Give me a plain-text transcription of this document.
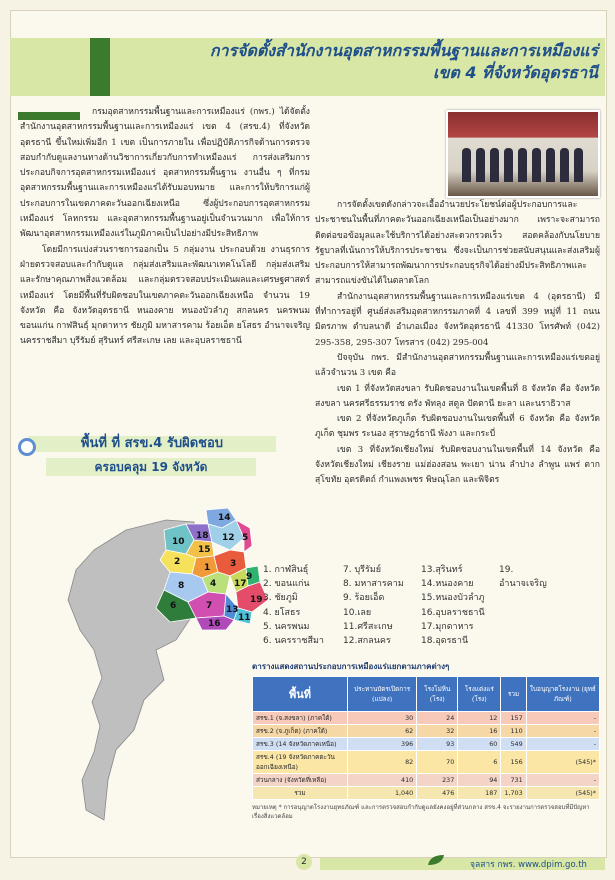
การจัดตั้งสำนักงานอุตสาหกรรมพื้นฐานและการเหมืองแร่
เขต 4 ที่จังหวัดอุดรธานี

กรมอุตสาหกรรมพื้นฐานและการเหมืองแร่ (กพร.) ได้จัดตั้งสำนักงานอุตสาหกรรมพื้นฐานและการเหมืองแร่ เขต 4 (สรข.4) ที่จังหวัดอุดรธานี ขึ้นใหม่เพิ่มอีก 1 เขต เป็นการภายใน เพื่อปฏิบัติภารกิจด้านการตรวจสอบกำกับดูแลงานทางด้านวิชาการเกี่ยวกับการทำเหมืองแร่ การส่งเสริมการประกอบกิจการอุตสาหกรรมเหมืองแร่ อุตสาหกรรมพื้นฐาน งานอื่น ๆ ที่กรมอุตสาหกรรมพื้นฐานและการเหมืองแร่ได้รับมอบหมาย และการให้บริการแก่ผู้ประกอบการในเขตภาคตะวันออกเฉียงเหนือ ซึ่งผู้ประกอบการอุตสาหกรรมเหมืองแร่ โลหกรรม และอุตสาหกรรมพื้นฐานอยู่เป็นจำนวนมาก เพื่อให้การพัฒนาอุตสาหกรรมเหมืองแร่ในภูมิภาคเป็นไปอย่างมีประสิทธิภาพ

โดยมีการแบ่งส่วนราชการออกเป็น 5 กลุ่มงาน ประกอบด้วย งานธุรการ ฝ่ายตรวจสอบและกำกับดูแล กลุ่มส่งเสริมและพัฒนาเทคโนโลยี กลุ่มส่งเสริมและรักษาคุณภาพสิ่งแวดล้อม และกลุ่มตรวจสอบประเมินผลและเศรษฐศาสตร์เหมืองแร่ โดยมีพื้นที่รับผิดชอบในเขตภาคตะวันออกเฉียงเหนือ จำนวน 19 จังหวัด คือ จังหวัดอุดรธานี หนองคาย หนองบัวลำภู สกลนคร นครพนม ขอนแก่น กาฬสินธุ์ มุกดาหาร ชัยภูมิ มหาสารคาม ร้อยเอ็ด ยโสธร อำนาจเจริญ นครราชสีมา บุรีรัมย์ สุรินทร์ ศรีสะเกษ เลย และอุบลราชธานี

การจัดตั้งเขตดังกล่าวจะเอื้ออำนวยประโยชน์ต่อผู้ประกอบการและประชาชนในพื้นที่ภาคตะวันออกเฉียงเหนือเป็นอย่างมาก เพราะจะสามารถติดต่อขอข้อมูลและใช้บริการได้อย่างสะดวกรวดเร็ว สอดคล้องกับนโยบายรัฐบาลที่เน้นการให้บริการประชาชน ซึ่งจะเป็นการช่วยสนับสนุนและส่งเสริมผู้ประกอบการให้สามารถพัฒนาการประกอบธุรกิจได้อย่างมีประสิทธิภาพและสามารถแข่งขันได้ในตลาดโลก

สำนักงานอุตสาหกรรมพื้นฐานและการเหมืองแร่เขต 4 (อุดรธานี) มีที่ทำการอยู่ที่ ศูนย์ส่งเสริมอุตสาหกรรมภาคที่ 4 เลขที่ 399 หมู่ที่ 11 ถนนมิตรภาพ ตำบลนาดี อำเภอเมือง จังหวัดอุดรธานี 41330 โทรศัพท์ (042) 295-358, 295-307 โทรสาร (042) 295-004

ปัจจุบัน กพร. มีสำนักงานอุตสาหกรรมพื้นฐานและการเหมืองแร่เขตอยู่แล้วจำนวน 3 เขต คือ

เขต 1 ที่จังหวัดสงขลา รับผิดชอบงานในเขตพื้นที่ 8 จังหวัด คือ จังหวัดสงขลา นครศรีธรรมราช ตรัง พัทลุง สตูล ปัตตานี ยะลา และนราธิวาส

เขต 2 ที่จังหวัดภูเก็ต รับผิดชอบงานในเขตพื้นที่ 6 จังหวัด คือ จังหวัดภูเก็ต ชุมพร ระนอง สุราษฎร์ธานี พังงา และกระบี่

เขต 3 ที่จังหวัดเชียงใหม่ รับผิดชอบงานในเขตพื้นที่ 14 จังหวัด คือ จังหวัดเชียงใหม่ เชียงราย แม่ฮ่องสอน พะเยา น่าน ลำปาง ลำพูน แพร่ ตาก สุโขทัย อุตรดิตถ์ กำแพงเพชร พิษณุโลก และพิจิตร

พื้นที่ ที่ สรข.4 รับผิดชอบ
ครอบคลุม 19 จังหวัด
14
10
18 12 5
15
2
1 3
9
17
4
19
8
6	7 13
11
16
1. กาฬสินธุ์
2. ขอนแก่น
3. ชัยภูมิ
4. ยโสธร
5. นครพนม
6. นครราชสีมา
7. บุรีรัมย์
8. มหาสารคาม
9. ร้อยเอ็ด
10.เลย
11.ศรีสะเกษ
12.สกลนคร
13.สุรินทร์
14.หนองคาย
15.หนองบัวลำภู
16.อุบลราชธานี
17.มุกดาหาร
18.อุดรธานี
19. อำนาจเจริญ
ตารางแสดงสถานประกอบการเหมืองแร่แยกตามภาคต่างๆ
พื้นที่	ประทานบัตรเปิดการ (แปลง)	โรงโม่หิน (โรง)	โรงแต่งแร่ (โรง)	รวม	ใบอนุญาตโรงงาน (ยุทธ์ภัณฑ์)
สรข.1 (จ.สงขลา) (ภาคใต้)	30	24	12	157	-
สรข.2 (จ.ภูเก็ต) (ภาคใต้)	62	32	16	110	-
สรข.3 (14 จังหวัดภาคเหนือ)	396	93	60	549	-
สรข.4 (19 จังหวัดภาคตะวันออกเฉียงเหนือ)	82	70	6	156	(545)*
ส่วนกลาง (จังหวัดที่เหลือ)	410	237	94	731	-
รวม	1,040	476	187	1,703	(545)*
หมายเหตุ * การอนุญาตโรงงานยุทธภัณฑ์ และการตรวจสอบกำกับดูแลยังคงอยู่ที่ส่วนกลาง สรข.4 จะรายงานการตรวจสอบที่มีปัญหาเรื่องสิ่งแวดล้อม
2	จุลสาร กพร. www.dpim.go.th
